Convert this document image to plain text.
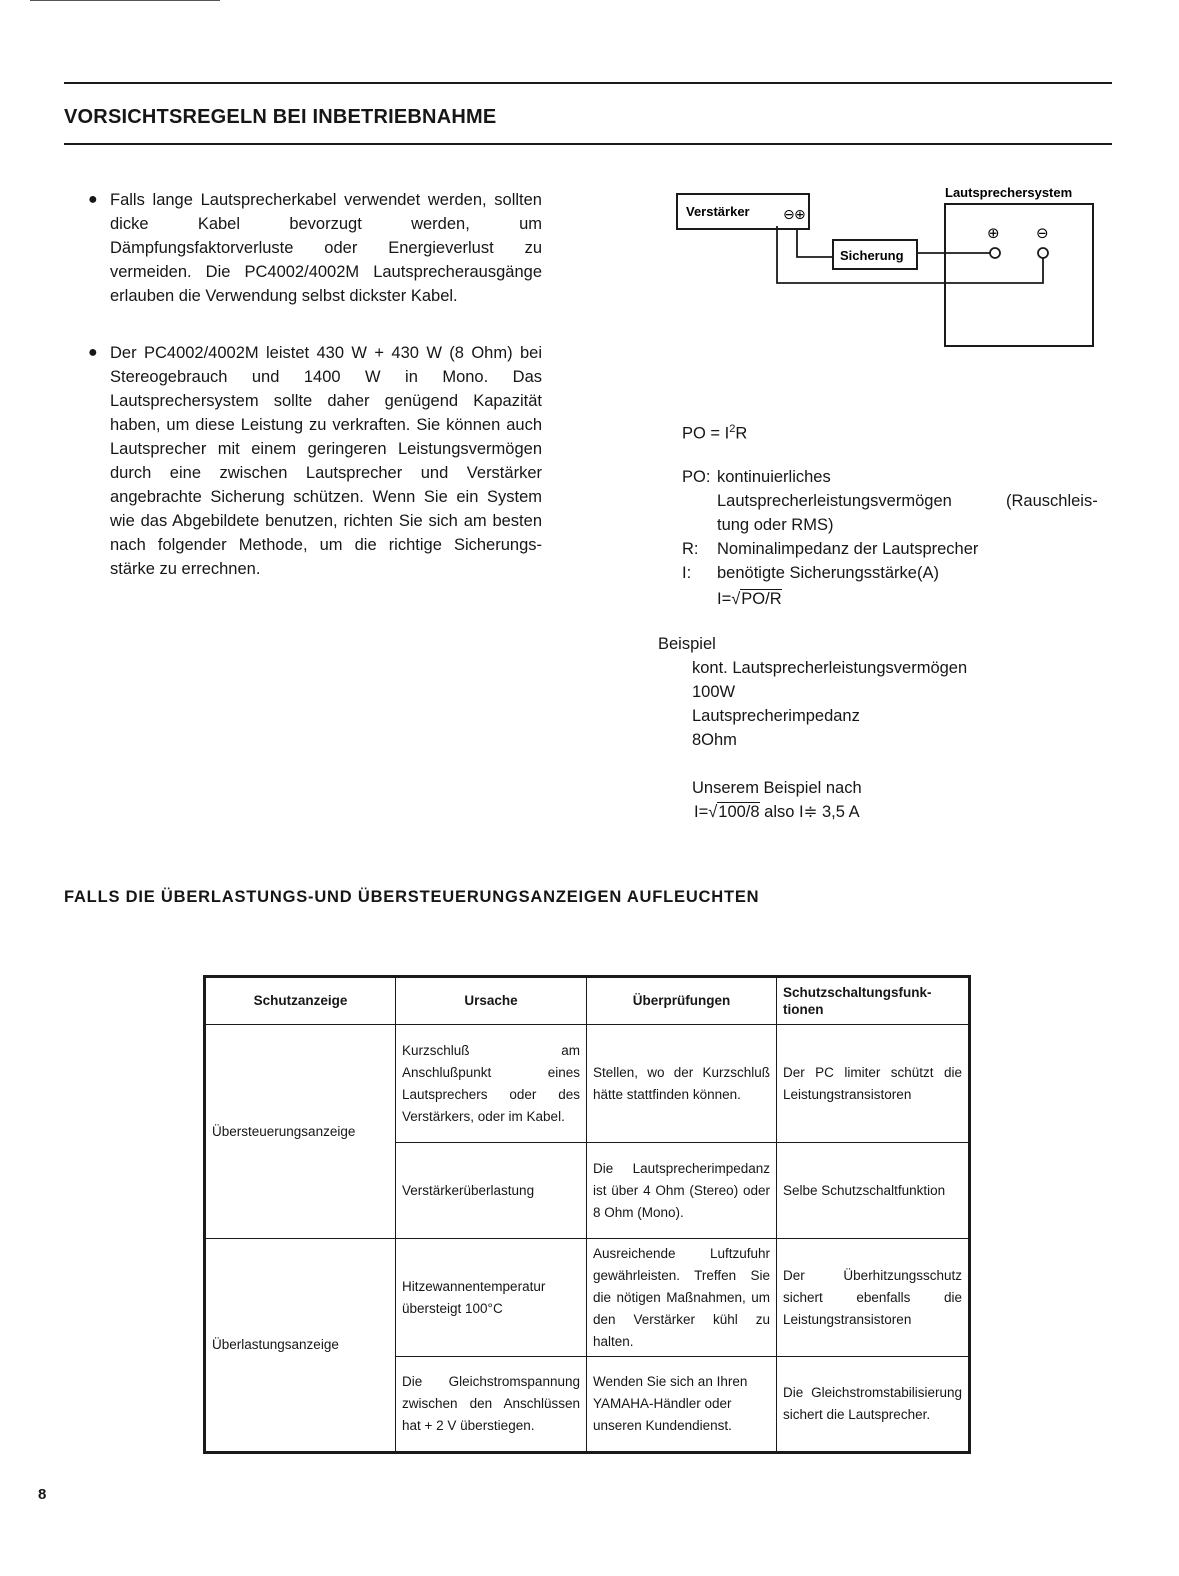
VORSICHTSREGELN BEI INBETRIEBNAHME
● Falls lange Lautsprecherkabel verwendet werden, sollten dicke Kabel bevorzugt werden, um Dämpfungsfaktorverluste oder Energieverlust zu vermeiden. Die PC4002/4002M Lautsprecherausgänge erlauben die Verwendung selbst dickster Kabel.
● Der PC4002/4002M leistet 430 W + 430 W (8 Ohm) bei Stereogebrauch und 1400 W in Mono. Das Lautsprechersystem sollte daher genügend Kapazität haben, um diese Leistung zu verkraften. Sie können auch Lautsprecher mit einem geringeren Leistungsvermögen durch eine zwischen Lautsprecher und Verstärker angebrachte Sicherung schützen. Wenn Sie ein System wie das Abgebildete benutzen, richten Sie sich am besten nach folgender Methode, um die richtige Sicherungs- stärke zu errechnen.
Verstärker ⊖ ⊕
Lautsprechersystem
⊕ ⊖
Sicherung
PO = $I^2R$
PO: kontinuierliches
Lautsprecherleistungsvermögen	(Rauschleis-
tung oder RMS)
R: Nominalimpedanz der Lautsprecher
I: benötigte Sicherungsstärke(A)
I=√PO/R
Beispiel
kont. Lautsprecherleistungsvermögen
100W
Lautsprecherimpedanz
8Ohm
Unserem Beispiel nach
I=√100/8 also I≑ 3,5 A
FALLS DIE ÜBERLASTUNGS-UND ÜBERSTEUERUNGSANZEIGEN AUFLEUCHTEN
Schutzanzeige	Ursache	Überprüfungen	Schutzschaltungsfunk-tionen
Übersteuerungsanzeige	Kurzschluß am Anschlußpunkt eines Lautsprechers oder des Verstärkers, oder im Kabel.	Stellen, wo der Kurzschluß hätte stattfinden können.	Der PC limiter schützt die Leistungstransistoren
	Verstärkerüberlastung	Die Lautsprecherimpedanz ist über 4 Ohm (Stereo) oder 8 Ohm (Mono).	Selbe Schutzschaltfunktion
Überlastungsanzeige	Hitzewannentemperatur übersteigt 100°C	Ausreichende Luftzufuhr gewährleisten. Treffen Sie die nötigen Maßnahmen, um den Verstärker kühl zu halten.	Der Überhitzungsschutz sichert ebenfalls die Leistungstransistoren
	Die Gleichstromspannung zwischen den Anschlüssen hat + 2 V überstiegen.	Wenden Sie sich an Ihren YAMAHA-Händler oder unseren Kundendienst.	Die Gleichstromstabilisierung sichert die Lautsprecher.
8
